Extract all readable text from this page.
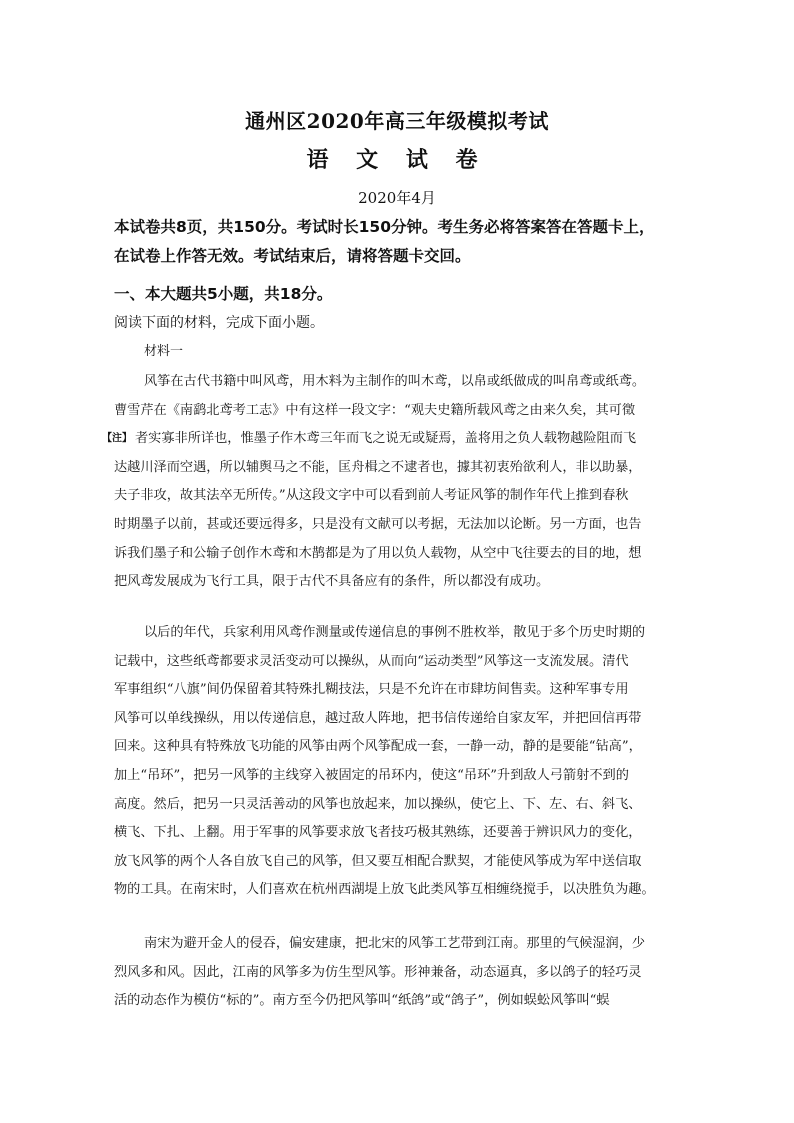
通州区2020年高三年级模拟考试
语 文 试 卷
2020年4月
本试卷共8页，共150分。考试时长150分钟。考生务必将答案答在答题卡上，
在试卷上作答无效。考试结束后，请将答题卡交回。
一、本大题共5小题，共18分。
阅读下面的材料，完成下面小题。
材料一
风筝在古代书籍中叫风鸢，用木料为主制作的叫木鸢，以帛或纸做成的叫帛鸢或纸鸢。
曹雪芹在《南鹞北鸢考工志》中有这样一段文字：“观夫史籍所载风鸢之由来久矣，其可徵
【注】 者实寡非所详也，惟墨子作木鸢三年而飞之说无或疑焉，盖将用之负人载物越险阻而飞
达越川泽而空遇，所以辅舆马之不能，匡舟楫之不逮者也，據其初衷殆欲利人，非以助暴，
夫子非攻，故其法卒无所传。”从这段文字中可以看到前人考证风筝的制作年代上推到春秋
时期墨子以前，甚或还要远得多，只是没有文献可以考据，无法加以论断。另一方面，也告
诉我们墨子和公输子创作木鸢和木鹊都是为了用以负人载物，从空中飞往要去的目的地，想
把风鸢发展成为飞行工具，限于古代不具备应有的条件，所以都没有成功。
以后的年代，兵家利用风鸢作测量或传递信息的事例不胜枚举，散见于多个历史时期的
记载中，这些纸鸢都要求灵活变动可以操纵，从而向“运动类型”风筝这一支流发展。清代
军事组织“八旗”间仍保留着其特殊扎糊技法，只是不允许在市肆坊间售卖。这种军事专用
风筝可以单线操纵，用以传递信息，越过敌人阵地，把书信传递给自家友军，并把回信再带
回来。这种具有特殊放飞功能的风筝由两个风筝配成一套，一静一动，静的是要能“钻高”，
加上“吊环”，把另一风筝的主线穿入被固定的吊环内，使这“吊环”升到敌人弓箭射不到的
高度。然后，把另一只灵活善动的风筝也放起来，加以操纵，使它上、下、左、右、斜飞、
横飞、下扎、上翻。用于军事的风筝要求放飞者技巧极其熟练，还要善于辨识风力的变化，
放飞风筝的两个人各自放飞自己的风筝，但又要互相配合默契，才能使风筝成为军中送信取
物的工具。在南宋时，人们喜欢在杭州西湖堤上放飞此类风筝互相缠绕搅手，以决胜负为趣。
南宋为避开金人的侵吞，偏安建康，把北宋的风筝工艺带到江南。那里的气候湿润，少
烈风多和风。因此，江南的风筝多为仿生型风筝。形神兼备，动态逼真，多以鸽子的轻巧灵
活的动态作为模仿“标的”。南方至今仍把风筝叫“纸鸽”或“鸽子”，例如蜈蚣风筝叫“蜈
